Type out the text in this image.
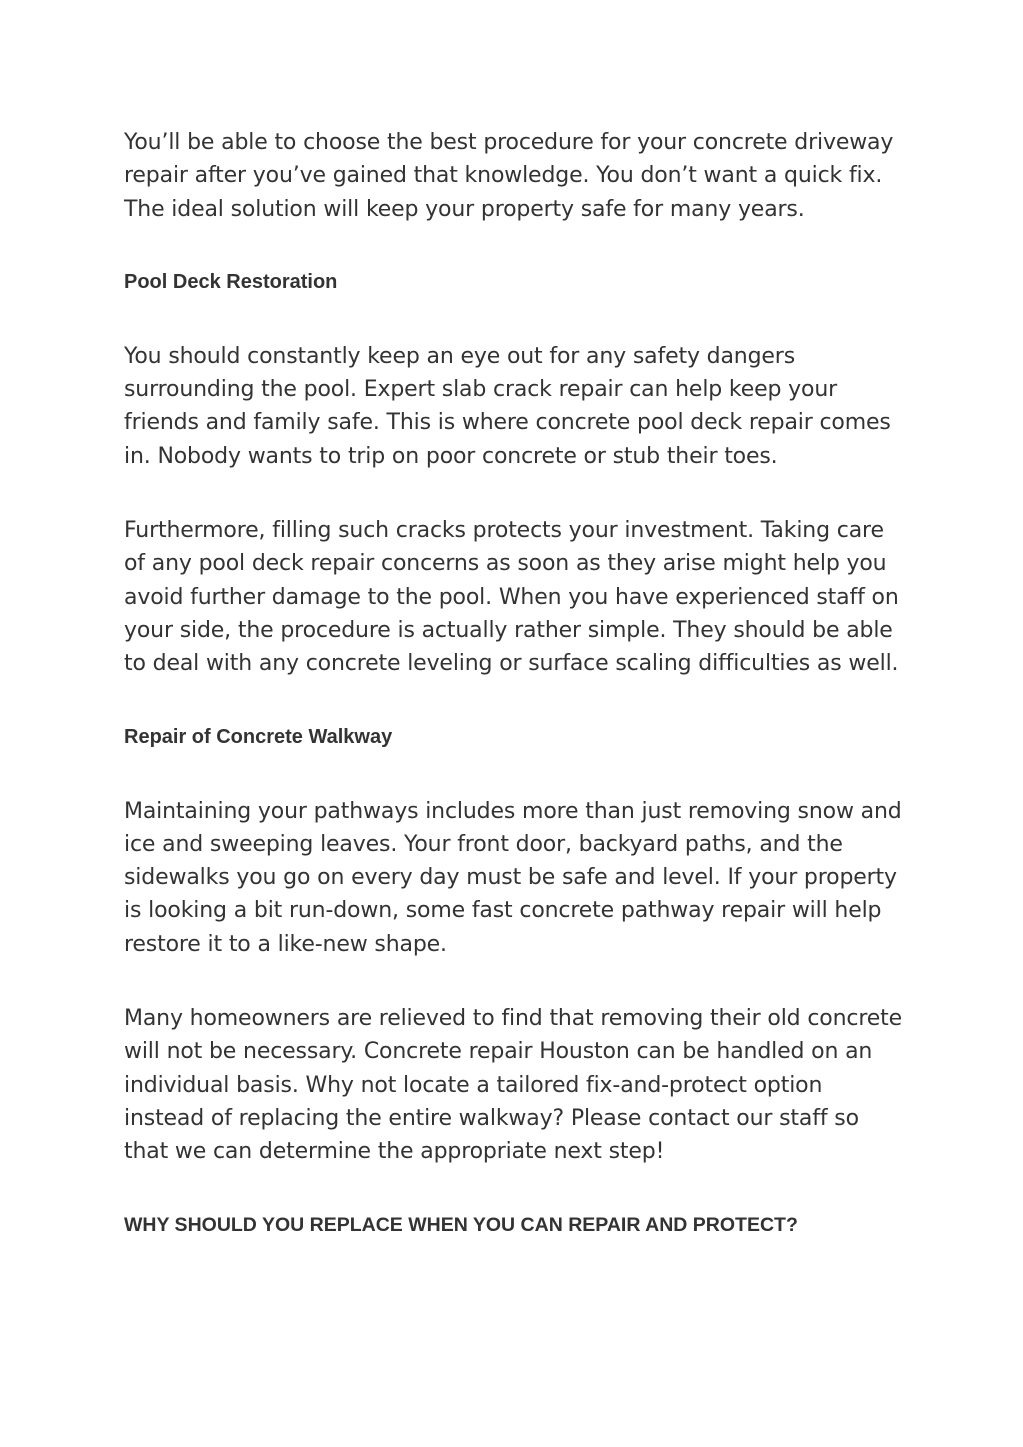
You’ll be able to choose the best procedure for your concrete driveway repair after you’ve gained that knowledge. You don’t want a quick fix. The ideal solution will keep your property safe for many years.

Pool Deck Restoration

You should constantly keep an eye out for any safety dangers surrounding the pool. Expert slab crack repair can help keep your friends and family safe. This is where concrete pool deck repair comes in. Nobody wants to trip on poor concrete or stub their toes.

Furthermore, filling such cracks protects your investment. Taking care of any pool deck repair concerns as soon as they arise might help you avoid further damage to the pool. When you have experienced staff on your side, the procedure is actually rather simple. They should be able to deal with any concrete leveling or surface scaling difficulties as well.

Repair of Concrete Walkway

Maintaining your pathways includes more than just removing snow and ice and sweeping leaves. Your front door, backyard paths, and the sidewalks you go on every day must be safe and level. If your property is looking a bit run-down, some fast concrete pathway repair will help restore it to a like-new shape.

Many homeowners are relieved to find that removing their old concrete will not be necessary. Concrete repair Houston can be handled on an individual basis. Why not locate a tailored fix-and-protect option instead of replacing the entire walkway? Please contact our staff so that we can determine the appropriate next step!

WHY SHOULD YOU REPLACE WHEN YOU CAN REPAIR AND PROTECT?
